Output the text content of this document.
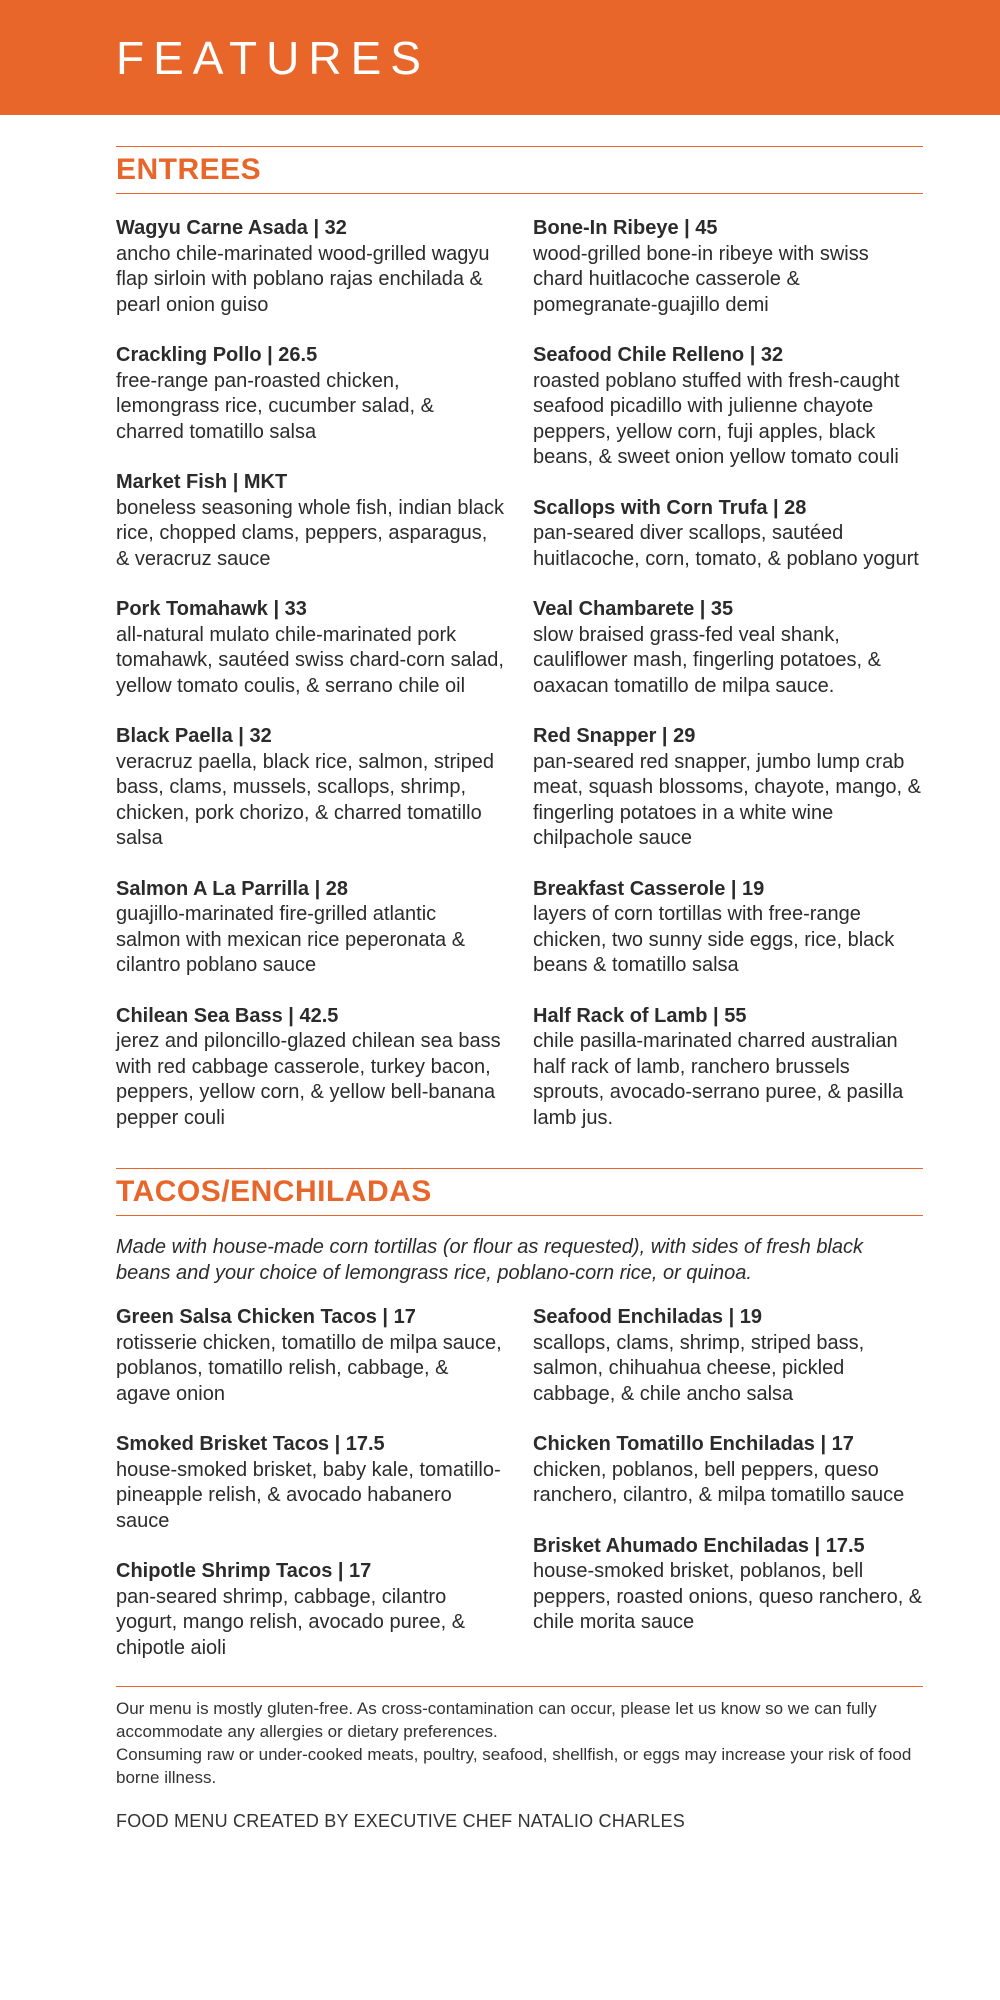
FEATURES
ENTREES
Wagyu Carne Asada | 32
ancho chile-marinated wood-grilled wagyu flap sirloin with poblano rajas enchilada & pearl onion guiso
Crackling Pollo | 26.5
free-range pan-roasted chicken, lemongrass rice, cucumber salad, & charred tomatillo salsa
Market Fish | MKT
boneless seasoning whole fish, indian black rice, chopped clams, peppers, asparagus, & veracruz sauce
Pork Tomahawk | 33
all-natural mulato chile-marinated pork tomahawk, sautéed swiss chard-corn salad, yellow tomato coulis, & serrano chile oil
Black Paella | 32
veracruz paella, black rice, salmon, striped bass, clams, mussels, scallops, shrimp, chicken, pork chorizo, & charred tomatillo salsa
Salmon A La Parrilla | 28
guajillo-marinated fire-grilled atlantic salmon with mexican rice peperonata & cilantro poblano sauce
Chilean Sea Bass | 42.5
jerez and piloncillo-glazed chilean sea bass with red cabbage casserole, turkey bacon, peppers, yellow corn, & yellow bell-banana pepper couli
Bone-In Ribeye | 45
wood-grilled bone-in ribeye with swiss chard huitlacoche casserole & pomegranate-guajillo demi
Seafood Chile Relleno | 32
roasted poblano stuffed with fresh-caught seafood picadillo with julienne chayote peppers, yellow corn, fuji apples, black beans, & sweet onion yellow tomato couli
Scallops with Corn Trufa | 28
pan-seared diver scallops, sautéed huitlacoche, corn, tomato, & poblano yogurt
Veal Chambarete | 35
slow braised grass-fed veal shank, cauliflower mash, fingerling potatoes, & oaxacan tomatillo de milpa sauce.
Red Snapper | 29
pan-seared red snapper, jumbo lump crab meat, squash blossoms, chayote, mango, & fingerling potatoes in a white wine chilpachole sauce
Breakfast Casserole | 19
layers of corn tortillas with free-range chicken, two sunny side eggs, rice, black beans & tomatillo salsa
Half Rack of Lamb | 55
chile pasilla-marinated charred australian half rack of lamb, ranchero brussels sprouts, avocado-serrano puree, & pasilla lamb jus.
TACOS/ENCHILADAS
Made with house-made corn tortillas (or flour as requested), with sides of fresh black beans and your choice of lemongrass rice, poblano-corn rice, or quinoa.
Green Salsa Chicken Tacos | 17
rotisserie chicken, tomatillo de milpa sauce, poblanos, tomatillo relish, cabbage, & agave onion
Smoked Brisket Tacos | 17.5
house-smoked brisket, baby kale, tomatillo-pineapple relish, & avocado habanero sauce
Chipotle Shrimp Tacos | 17
pan-seared shrimp, cabbage, cilantro yogurt, mango relish, avocado puree, & chipotle aioli
Seafood Enchiladas | 19
scallops, clams, shrimp, striped bass, salmon, chihuahua cheese, pickled cabbage, & chile ancho salsa
Chicken Tomatillo Enchiladas | 17
chicken, poblanos, bell peppers, queso ranchero, cilantro, & milpa tomatillo sauce
Brisket Ahumado Enchiladas | 17.5
house-smoked brisket, poblanos, bell peppers, roasted onions, queso ranchero, & chile morita sauce
Our menu is mostly gluten-free. As cross-contamination can occur, please let us know so we can fully accommodate any allergies or dietary preferences.
Consuming raw or under-cooked meats, poultry, seafood, shellfish, or eggs may increase your risk of food borne illness.
FOOD MENU CREATED BY EXECUTIVE CHEF NATALIO CHARLES
